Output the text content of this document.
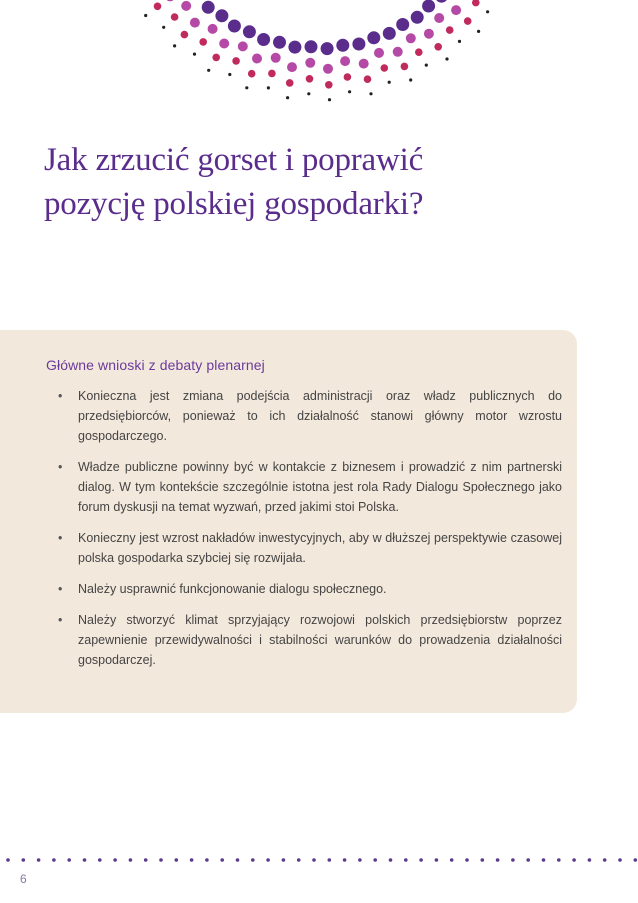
Jak zrzucić gorset i poprawić
pozycję polskiej gospodarki?
Główne wnioski z debaty plenarnej
• Konieczna jest zmiana podejścia administracji oraz władz publicznych do przedsiębiorców, ponieważ to ich działalność stanowi główny motor wzrostu gospodarczego.
• Władze publiczne powinny być w kontakcie z biznesem i prowadzić z nim partnerski dialog. W tym kontekście szczególnie istotna jest rola Rady Dialogu Społecznego jako forum dyskusji na temat wyzwań, przed jakimi stoi Polska.
• Konieczny jest wzrost nakładów inwestycyjnych, aby w dłuższej perspektywie czasowej polska gospodarka szybciej się rozwijała.
• Należy usprawnić funkcjonowanie dialogu społecznego.
• Należy stworzyć klimat sprzyjający rozwojowi polskich przedsiębiorstw poprzez zapewnienie przewidywalności i stabilności warunków do prowadzenia działalności gospodarczej.
6
